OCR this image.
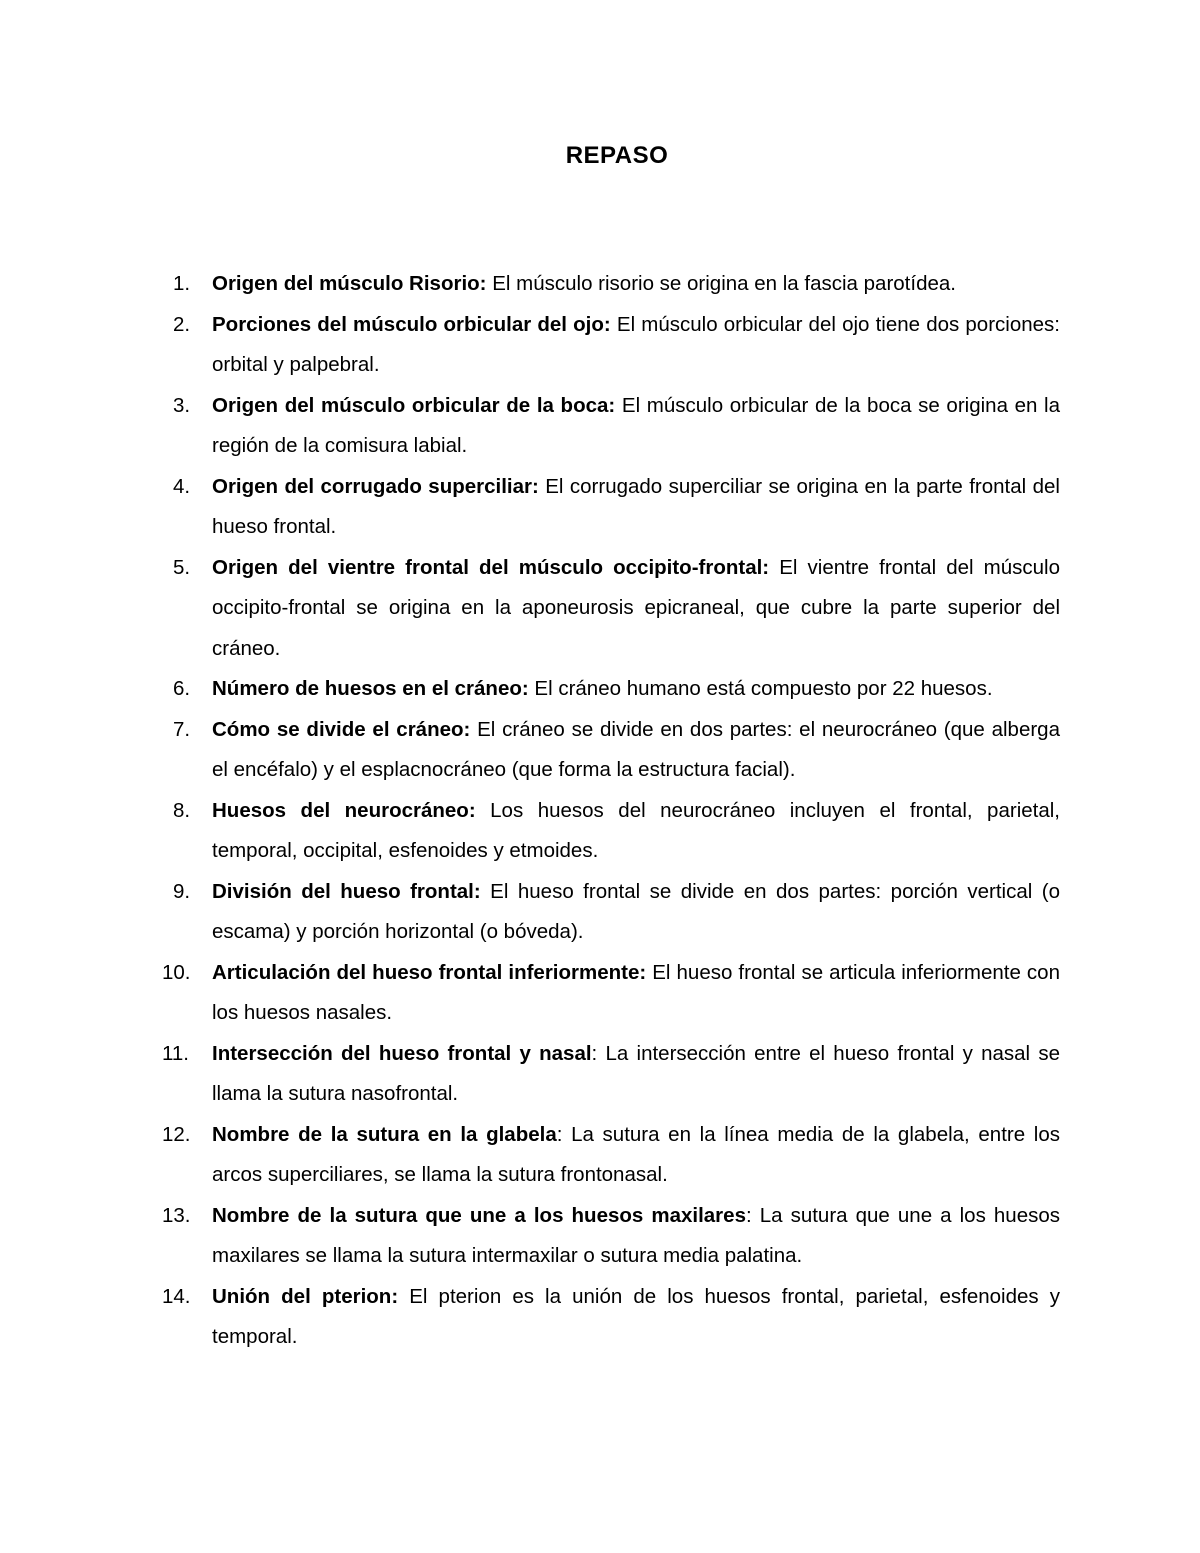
REPASO
1. Origen del músculo Risorio: El músculo risorio se origina en la fascia parotídea.
2. Porciones del músculo orbicular del ojo: El músculo orbicular del ojo tiene dos porciones: orbital y palpebral.
3. Origen del músculo orbicular de la boca: El músculo orbicular de la boca se origina en la región de la comisura labial.
4. Origen del corrugado superciliar: El corrugado superciliar se origina en la parte frontal del hueso frontal.
5. Origen del vientre frontal del músculo occipito-frontal: El vientre frontal del músculo occipito-frontal se origina en la aponeurosis epicraneal, que cubre la parte superior del cráneo.
6. Número de huesos en el cráneo: El cráneo humano está compuesto por 22 huesos.
7. Cómo se divide el cráneo: El cráneo se divide en dos partes: el neurocráneo (que alberga el encéfalo) y el esplacnocráneo (que forma la estructura facial).
8. Huesos del neurocráneo: Los huesos del neurocráneo incluyen el frontal, parietal, temporal, occipital, esfenoides y etmoides.
9. División del hueso frontal: El hueso frontal se divide en dos partes: porción vertical (o escama) y porción horizontal (o bóveda).
10. Articulación del hueso frontal inferiormente: El hueso frontal se articula inferiormente con los huesos nasales.
11. Intersección del hueso frontal y nasal: La intersección entre el hueso frontal y nasal se llama la sutura nasofrontal.
12. Nombre de la sutura en la glabela: La sutura en la línea media de la glabela, entre los arcos superciliares, se llama la sutura frontonasal.
13. Nombre de la sutura que une a los huesos maxilares: La sutura que une a los huesos maxilares se llama la sutura intermaxilar o sutura media palatina.
14. Unión del pterion: El pterion es la unión de los huesos frontal, parietal, esfenoides y temporal.
